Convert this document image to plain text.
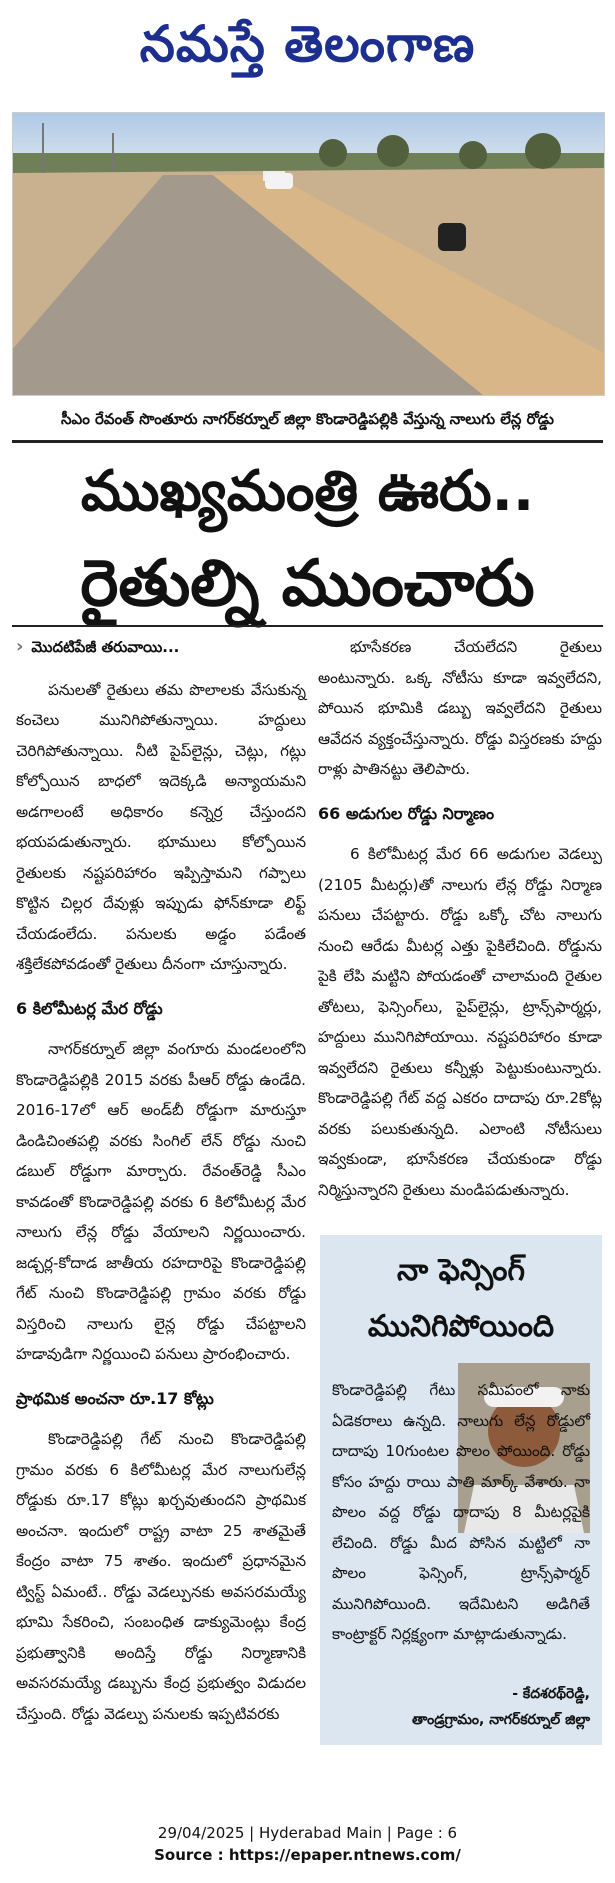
నమస్తే తెలంగాణ
సీఎం రేవంత్ సొంతూరు నాగర్‌కర్నూల్ జిల్లా కొండారెడ్డిపల్లికి వేస్తున్న నాలుగు లేన్ల రోడ్డు
ముఖ్యమంత్రి ఊరు..
రైతుల్ని ముంచారు

› మొదటిపేజీ తరువాయి...

పనులతో రైతులు తమ పొలాలకు వేసుకున్న కంచెలు మునిగిపోతున్నాయి. హద్దులు చెరిగిపోతున్నాయి. నీటి పైప్‌లైన్లు, చెట్లు, గట్లు కోల్పోయిన బాధలో ఇదెక్కడి అన్యాయమని అడగాలంటే అధికారం కన్నెర్ర చేస్తుందని భయపడుతున్నారు. భూములు కోల్పోయిన రైతులకు నష్టపరిహారం ఇప్పిస్తామని గప్పాలు కొట్టిన చిల్లర దేవుళ్లు ఇప్పుడు ఫోన్‌కూడా లిఫ్ట్ చేయడంలేదు. పనులకు అడ్డం పడేంత శక్తిలేకపోవడంతో రైతులు దీనంగా చూస్తున్నారు.

6 కిలోమీటర్ల మేర రోడ్డు

నాగర్‌కర్నూల్ జిల్లా వంగూరు మండలంలోని కొండారెడ్డిపల్లికి 2015 వరకు పీఆర్ రోడ్డు ఉండేది. 2016-17లో ఆర్ అండ్‌బీ రోడ్డుగా మారుస్తూ డిండిచింతపల్లి వరకు సింగిల్ లేన్ రోడ్డు నుంచి డబుల్ రోడ్డుగా మార్చారు. రేవంత్‌రెడ్డి సీఎం కావడంతో కొండారెడ్డిపల్లి వరకు 6 కిలోమీటర్ల మేర నాలుగు లేన్ల రోడ్డు వేయాలని నిర్ణయించారు. జడ్చర్ల-కోదాడ జాతీయ రహదారిపై కొండారెడ్డిపల్లి గేట్ నుంచి కొండారెడ్డిపల్లి గ్రామం వరకు రోడ్డు విస్తరించి నాలుగు లైన్ల రోడ్డు చేపట్టాలని హడావుడిగా నిర్ణయించి పనులు ప్రారంభించారు.

ప్రాథమిక అంచనా రూ.17 కోట్లు

కొండారెడ్డిపల్లి గేట్ నుంచి కొండారెడ్డిపల్లి గ్రామం వరకు 6 కిలోమీటర్ల మేర నాలుగులేన్ల రోడ్డుకు రూ.17 కోట్లు ఖర్చవుతుందని ప్రాథమిక అంచనా. ఇందులో రాష్ట్ర వాటా 25 శాతమైతే కేంద్రం వాటా 75 శాతం. ఇందులో ప్రధానమైన ట్విస్ట్ ఏమంటే.. రోడ్డు వెడల్పునకు అవసరమయ్యే భూమి సేకరించి, సంబంధిత డాక్యుమెంట్లు కేంద్ర ప్రభుత్వానికి అందిస్తే రోడ్డు నిర్మాణానికి అవసరమయ్యే డబ్బును కేంద్ర ప్రభుత్వం విడుదల చేస్తుంది. రోడ్డు వెడల్పు పనులకు ఇప్పటివరకు

భూసేకరణ చేయలేదని రైతులు అంటున్నారు. ఒక్క నోటీసు కూడా ఇవ్వలేదని, పోయిన భూమికి డబ్బు ఇవ్వలేదని రైతులు ఆవేదన వ్యక్తంచేస్తున్నారు. రోడ్డు విస్తరణకు హద్దు రాళ్లు పాతినట్టు తెలిపారు.

66 అడుగుల రోడ్డు నిర్మాణం

6 కిలోమీటర్ల మేర 66 అడుగుల వెడల్పు (2105 మీటర్లు)తో నాలుగు లేన్ల రోడ్డు నిర్మాణ పనులు చేపట్టారు. రోడ్డు ఒక్కో చోట నాలుగు నుంచి ఆరేడు మీటర్ల ఎత్తు పైకిలేచింది. రోడ్డును పైకి లేపి మట్టిని పోయడంతో చాలామంది రైతుల తోటలు, ఫెన్సింగ్‌లు, పైప్‌లైన్లు, ట్రాన్స్‌ఫార్మర్లు, హద్దులు మునిగిపోయాయి. నష్టపరిహారం కూడా ఇవ్వలేదని రైతులు కన్నీళ్లు పెట్టుకుంటున్నారు. కొండారెడ్డిపల్లి గేట్ వద్ద ఎకరం దాదాపు రూ.2కోట్ల వరకు పలుకుతున్నది. ఎలాంటి నోటీసులు ఇవ్వకుండా, భూసేకరణ చేయకుండా రోడ్డు నిర్మిస్తున్నారని రైతులు మండిపడుతున్నారు.

నా ఫెన్సింగ్
మునిగిపోయింది
కొండారెడ్డిపల్లి గేటు సమీపంలో నాకు ఏడెకరాలు ఉన్నది. నాలుగు లేన్ల రోడ్డులో దాదాపు 10గుంటల పొలం పోయింది. రోడ్డు కోసం హద్దు రాయి పాతి మార్క్ వేశారు. నా పొలం వద్ద రోడ్డు దాదాపు 8 మీటర్లపైకి లేచింది. రోడ్డు మీద పోసిన మట్టిలో నా పొలం ఫెన్సింగ్, ట్రాన్స్‌ఫార్మర్ మునిగిపోయింది. ఇదేమిటని అడిగితే కాంట్రాక్టర్ నిర్లక్ష్యంగా మాట్లాడుతున్నాడు.
- కేదశరథ్‌రెడ్డి,
తాండ్రగ్రామం, నాగర్‌కర్నూల్ జిల్లా
29/04/2025 | Hyderabad Main | Page : 6
Source : https://epaper.ntnews.com/
